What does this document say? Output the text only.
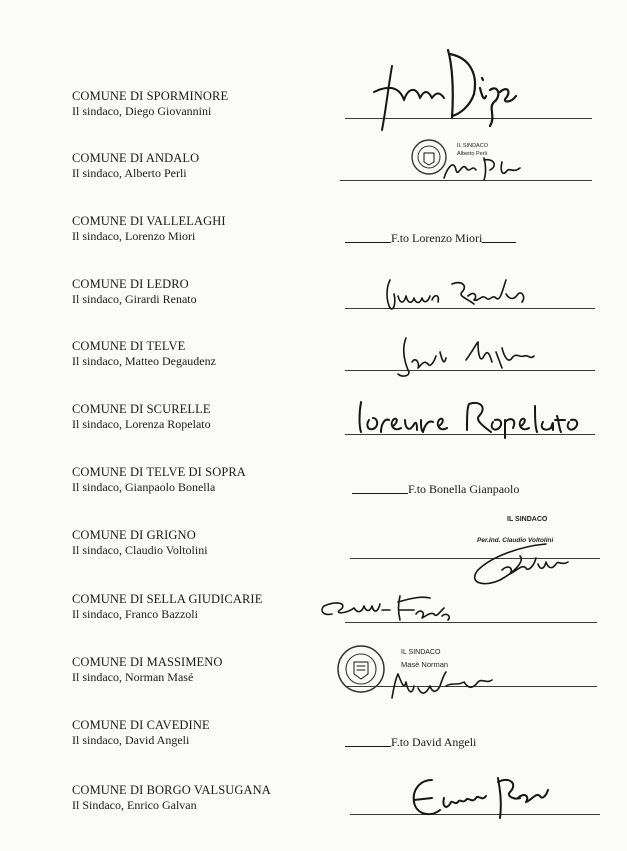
COMUNE DI SPORMINORE
Il sindaco, Diego Giovannini
COMUNE DI ANDALO
Il sindaco, Alberto Perli
COMUNE DI VALLELAGHI
Il sindaco, Lorenzo Miori
COMUNE DI LEDRO
Il sindaco, Girardi Renato
COMUNE DI TELVE
Il sindaco, Matteo Degaudenz
COMUNE DI SCURELLE
Il sindaco, Lorenza Ropelato
COMUNE DI TELVE DI SOPRA
Il sindaco, Gianpaolo Bonella
COMUNE DI GRIGNO
Il sindaco, Claudio Voltolini
COMUNE DI SELLA GIUDICARIE
Il sindaco, Franco Bazzoli
COMUNE DI MASSIMENO
Il sindaco, Norman Masé
COMUNE DI CAVEDINE
Il sindaco, David Angeli
COMUNE DI BORGO VALSUGANA
Il Sindaco, Enrico Galvan
F.to Lorenzo Miori
F.to Bonella Gianpaolo
F.to David Angeli
IL SINDACO
Alberto Perli
IL SINDACO
Per.Ind. Claudio Voltolini
IL SINDACO
Masè Norman
